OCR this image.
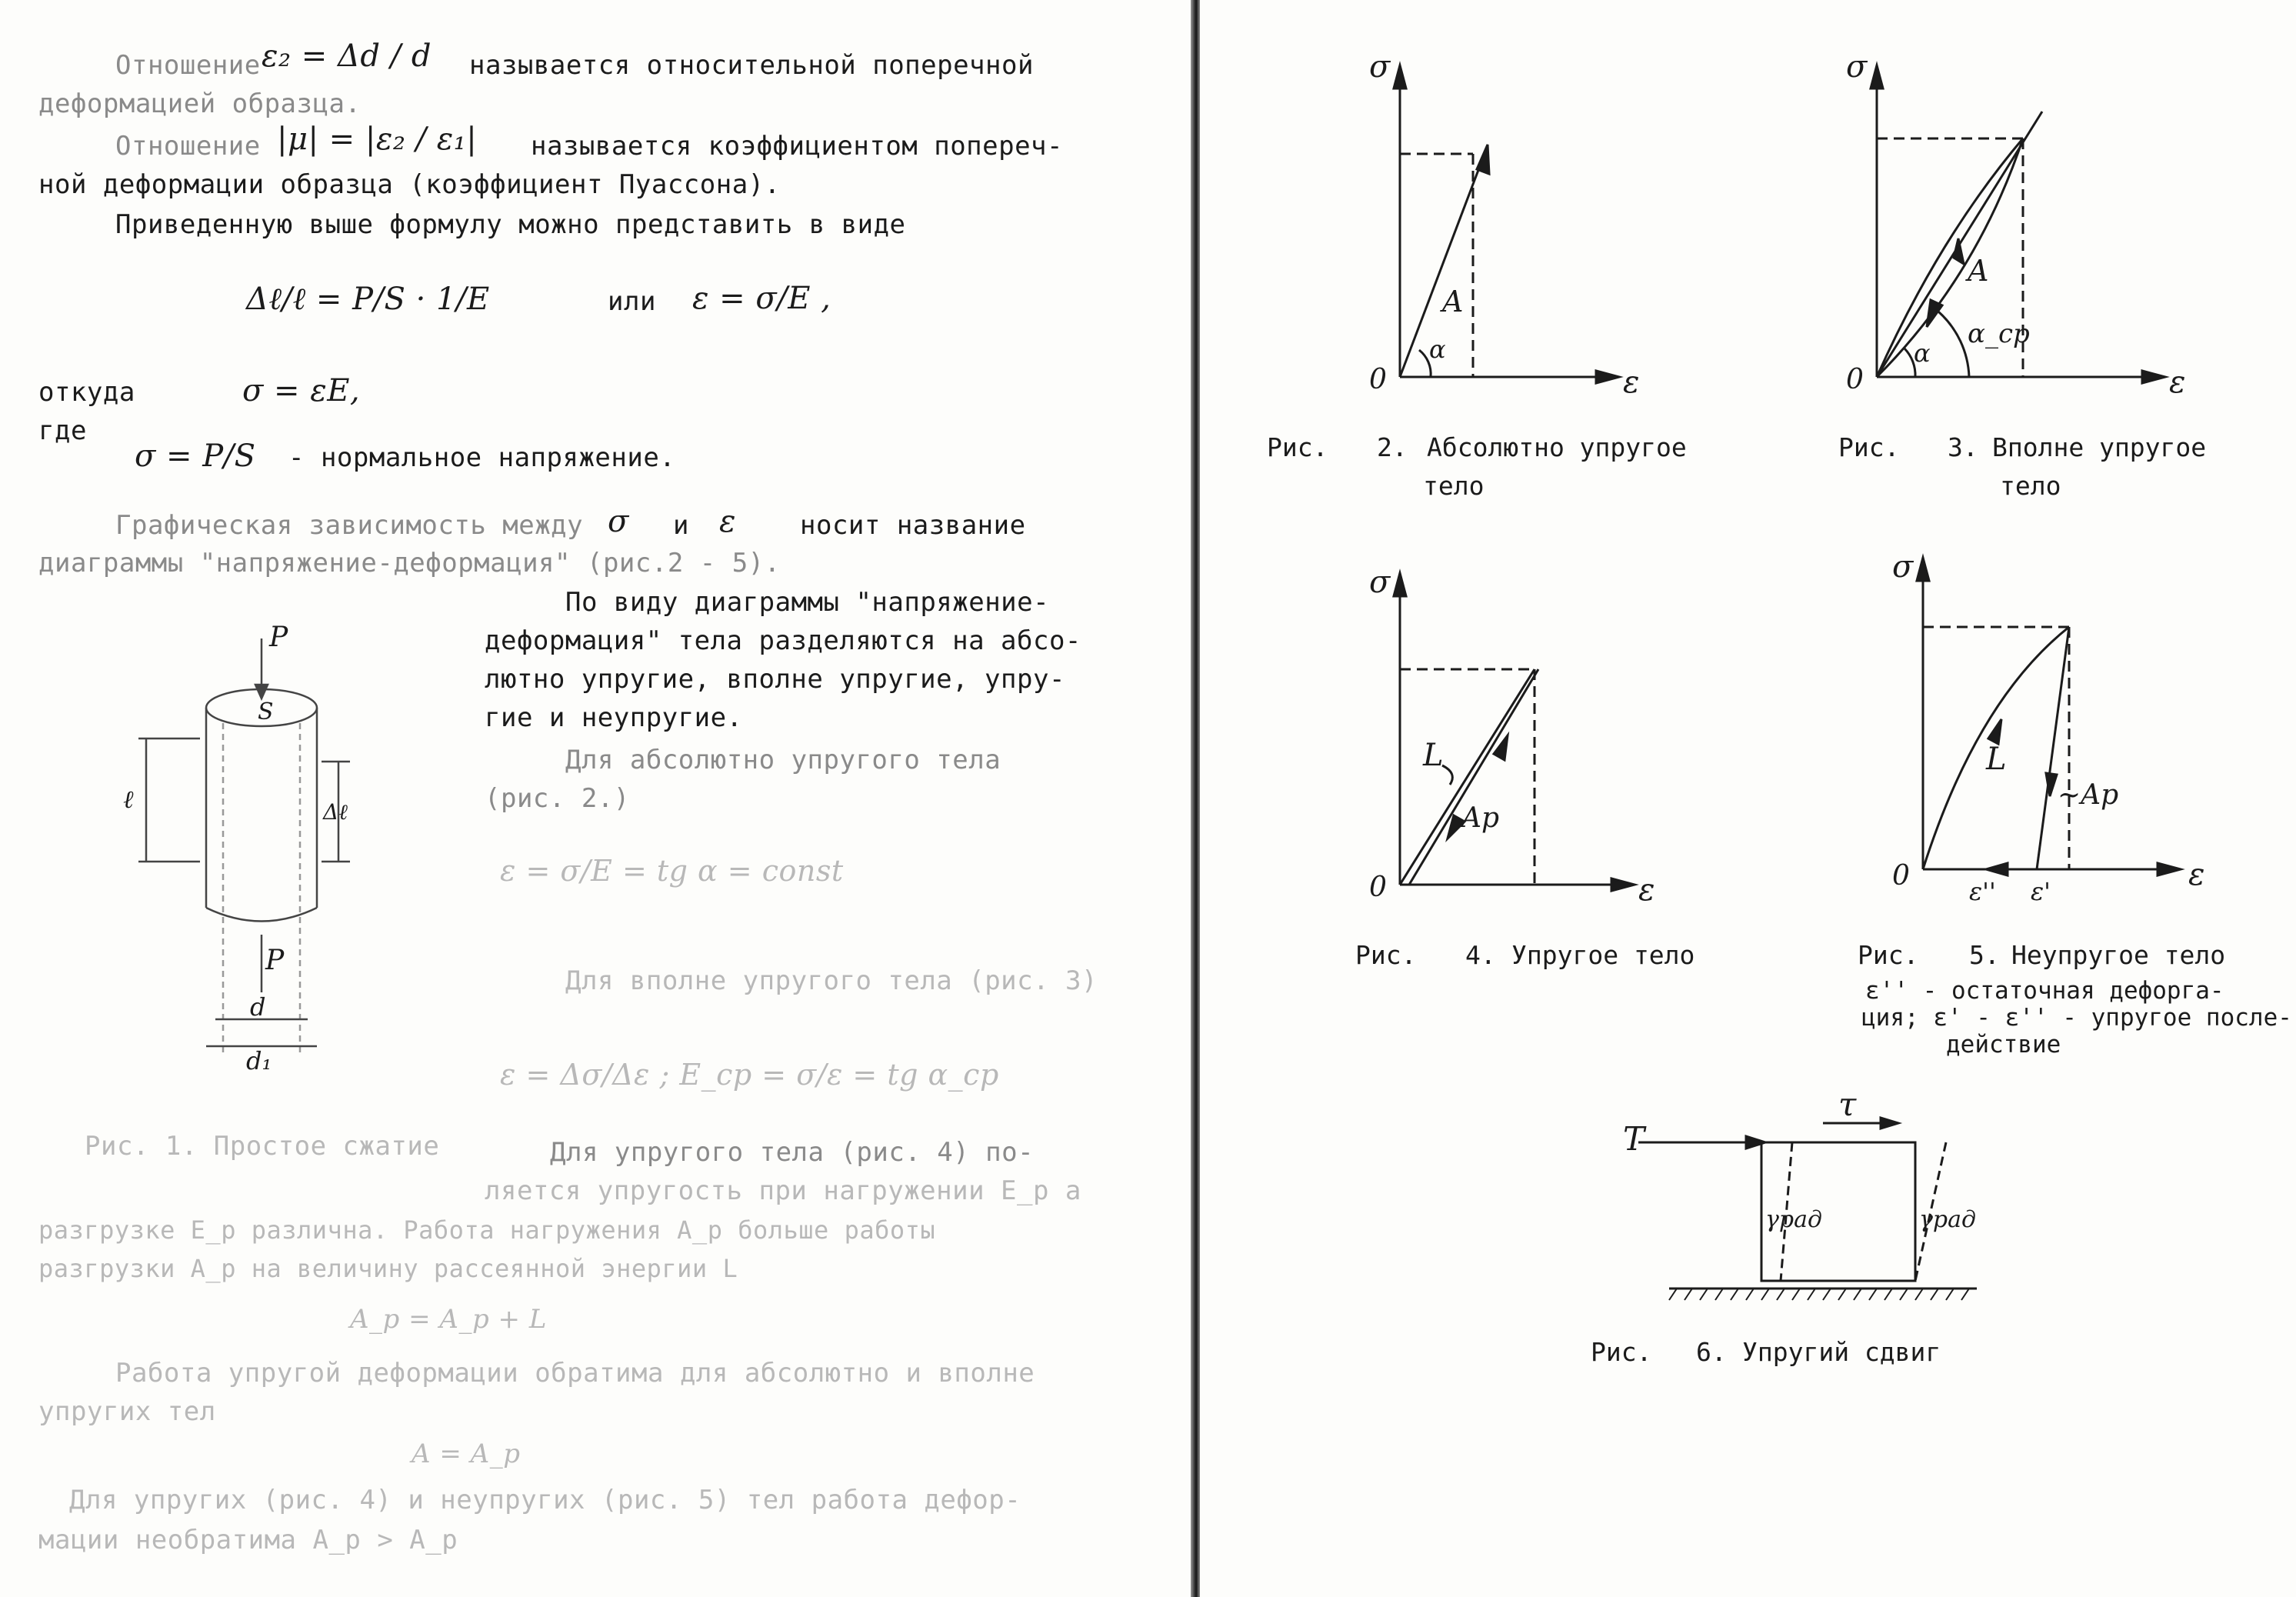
Отношение ε₂ = Δd / d называется относительной поперечной
деформацией образца.
Отношение |μ| = |ε₂ / ε₁| называется коэффициентом попереч-
ной деформации образца (коэффициент Пуассона).
Приведенную выше формулу можно представить в виде
Δℓ/ℓ = P/S · 1/E	или ε = σ/E ,
откуда	σ = εE,
где
σ = P/S - нормальное напряжение.
Графическая зависимость между σ и ε носит название
диаграммы "напряжение-деформация" (рис.2 - 5).
По виду диаграммы "напряжение-
деформация" тела разделяются на абсо-
лютно упругие, вполне упругие, упру-
гие и неупругие.
Для абсолютно упругого тела
(рис. 2.)
ε = σ/E = tg α = const
Для вполне упругого тела (рис. 3)
ε = Δσ/Δε ; E_cp = σ/ε = tg α_cp
Рис. 1. Простое сжатие	Для упругого тела (рис. 4) по-
ляется упругость при нагружении E_p а
разгрузке E_p различна. Работа нагружения A_p больше работы
разгрузки A_p на величину рассеянной энергии L
A_p = A_p + L
Работа упругой деформации обратима для абсолютно и вполне
упругих тел
A = A_p
Для упругих (рис. 4) и неупругих (рис. 5) тел работа дефор-
мации необратима A_p > A_p
P
S
P
ℓ	Δℓ
d
d₁
σ
ε
0
A
α
Рис. 2. Абсолютно упругое
тело
σ
ε
0
A
α
α_cp
Рис. 3. Вполне упругое
тело
σ
ε
0
L
Ap
Рис. 4. Упругое тело
σ
ε
0
L
~Ap
ε'' ε'
Рис. 5. Неупругое тело
ε'' - остаточная дефорга-
ция; ε' - ε'' - упругое после-
действие
T
τ
γрад	γрад
Рис. 6. Упругий сдвиг
